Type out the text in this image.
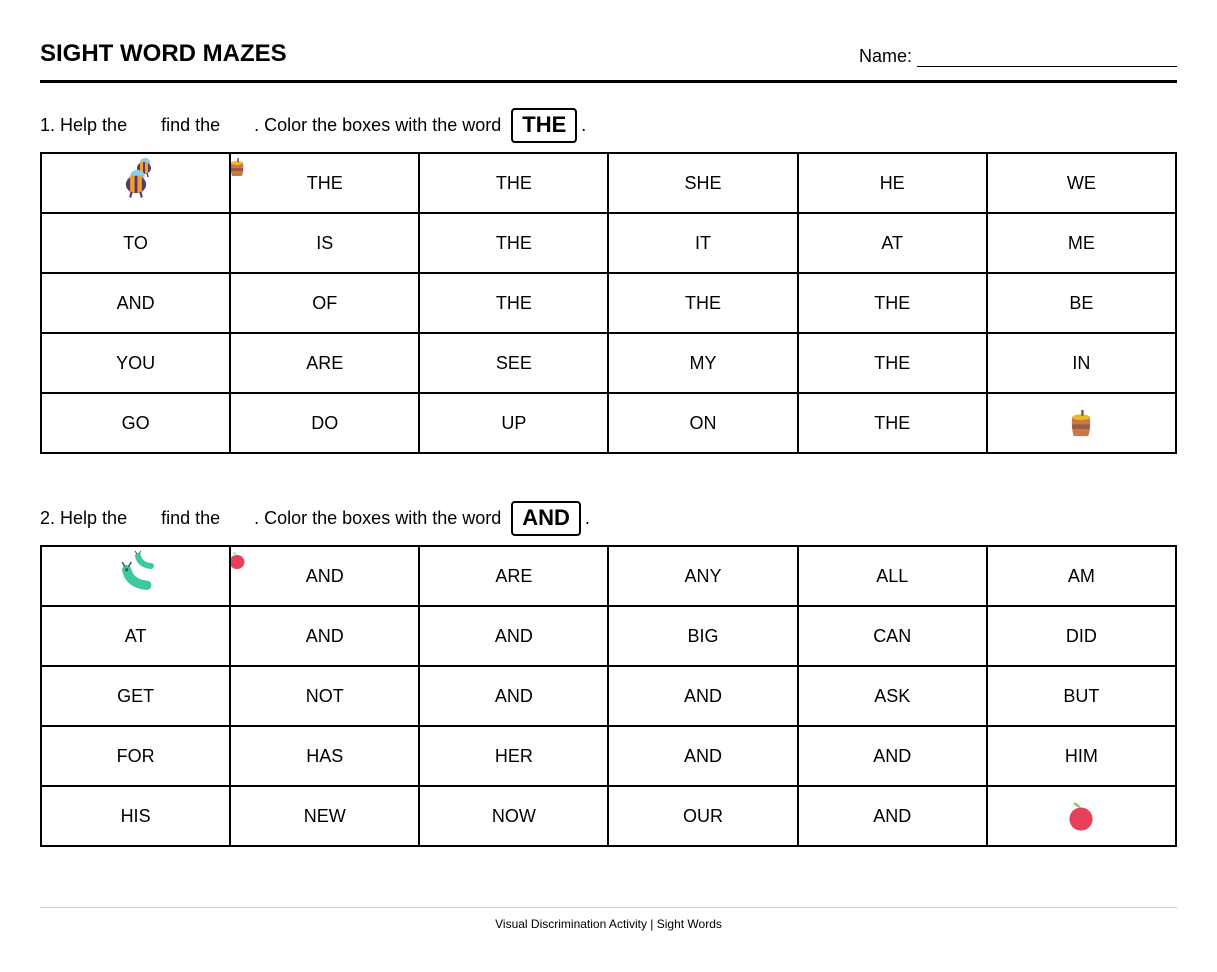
SIGHT WORD MAZES	Name:
1.
Help the

find the

. Color the boxes with the word THE .
	THE	THE	SHE	HE	WE
TO	IS	THE	IT	AT	ME
AND	OF	THE	THE	THE	BE
YOU	ARE	SEE	MY	THE	IN
GO	DO	UP	ON	THE	
2.
Help the

find the

. Color the boxes with the word AND .
	AND	ARE	ANY	ALL	AM
AT	AND	AND	BIG	CAN	DID
GET	NOT	AND	AND	ASK	BUT
FOR	HAS	HER	AND	AND	HIM
HIS	NEW	NOW	OUR	AND	
Visual Discrimination Activity | Sight Words
